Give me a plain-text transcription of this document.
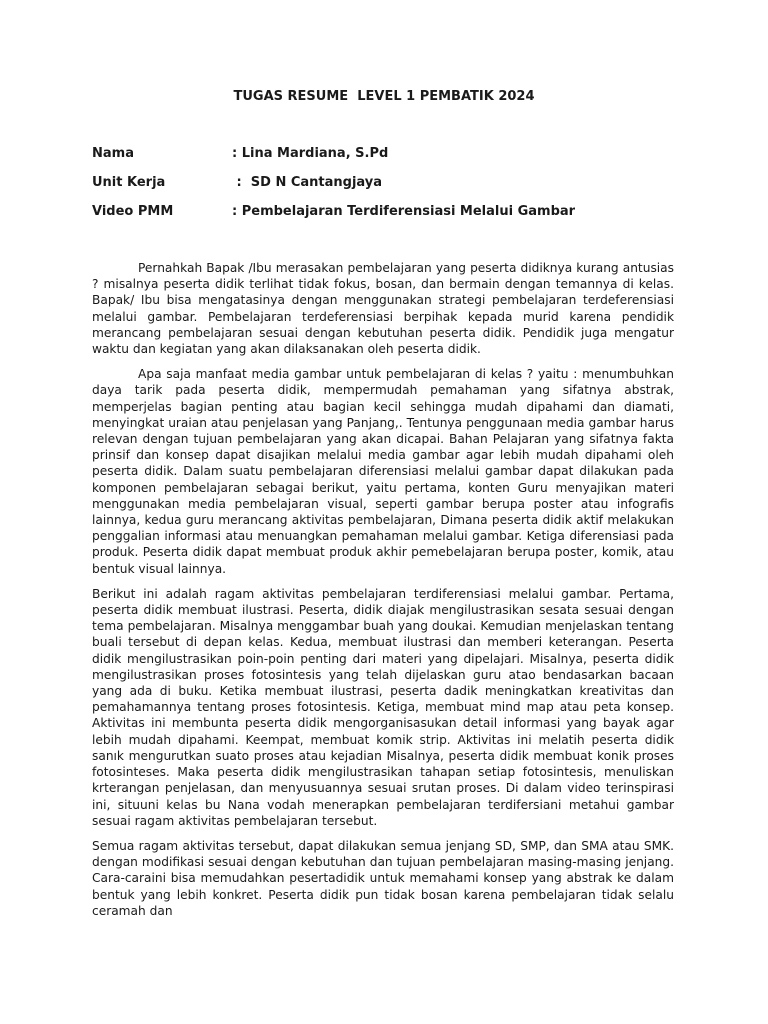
TUGAS RESUME  LEVEL 1 PEMBATIK 2024
Nama	: Lina Mardiana, S.Pd
Unit Kerja	:  SD N Cantangjaya
Video PMM	: Pembelajaran Terdiferensiasi Melalui Gambar

Pernahkah Bapak /Ibu merasakan pembelajaran yang peserta didiknya kurang antusias ? misalnya peserta didik terlihat tidak fokus, bosan, dan bermain dengan temannya di kelas. Bapak/ Ibu bisa mengatasinya dengan menggunakan strategi pembelajaran terdeferensiasi melalui gambar. Pembelajaran terdeferensiasi berpihak kepada murid karena pendidik merancang pembelajaran sesuai dengan kebutuhan peserta didik. Pendidik juga mengatur waktu dan kegiatan yang akan dilaksanakan oleh peserta didik.

Apa saja manfaat media gambar untuk pembelajaran di kelas ? yaitu : menumbuhkan daya tarik pada peserta didik, mempermudah pemahaman yang sifatnya abstrak, memperjelas bagian penting atau bagian kecil sehingga mudah dipahami dan diamati, menyingkat uraian atau penjelasan yang Panjang,. Tentunya penggunaan media gambar harus relevan dengan tujuan pembelajaran yang akan dicapai. Bahan Pelajaran yang sifatnya fakta prinsif dan konsep dapat disajikan melalui media gambar agar lebih mudah dipahami oleh peserta didik. Dalam suatu pembelajaran diferensiasi melalui gambar dapat dilakukan pada komponen pembelajaran sebagai berikut, yaitu pertama, konten Guru menyajikan materi menggunakan media pembelajaran visual, seperti gambar berupa poster atau infografis lainnya, kedua guru merancang aktivitas pembelajaran, Dimana peserta didik aktif melakukan penggalian informasi atau menuangkan pemahaman melalui gambar. Ketiga diferensiasi pada produk. Peserta didik dapat membuat produk akhir pemebelajaran berupa poster, komik, atau bentuk visual lainnya.

Berikut ini adalah ragam aktivitas pembelajaran terdiferensiasi melalui gambar. Pertama, peserta didik membuat ilustrasi. Peserta, didik diajak mengilustrasikan sesata sesuai dengan tema pembelajaran. Misalnya menggambar buah yang doukai. Kemudian menjelaskan tentang buali tersebut di depan kelas. Kedua, membuat ilustrasi dan memberi keterangan. Peserta didik mengilustrasikan poin-poin penting dari materi yang dipelajari. Misalnya, peserta didik mengilustrasikan proses fotosintesis yang telah dijelaskan guru atao bendasarkan bacaan yang ada di buku. Ketika membuat ilustrasi, peserta dadik meningkatkan kreativitas dan pemahamannya tentang proses fotosintesis. Ketiga, membuat mind map atau peta konsep. Aktivitas ini membunta peserta didik mengorganisasukan detail informasi yang bayak agar lebih mudah dipahami. Keempat, membuat komik strip. Aktivitas ini melatih peserta didik sanık mengurutkan suato proses atau kejadian Misalnya, peserta didik membuat konik proses fotosinteses. Maka peserta didik mengilustrasikan tahapan setiap fotosintesis, menuliskan krterangan penjelasan, dan menyusuannya sesuai srutan proses. Di dalam video terinspirasi ini, situuni kelas bu Nana vodah menerapkan pembelajaran terdifersiani metahui gambar sesuai ragam aktivitas pembelajaran tersebut.

Semua ragam aktivitas tersebut, dapat dilakukan semua jenjang SD, SMP, dan SMA atau SMK. dengan modifikasi sesuai dengan kebutuhan dan tujuan pembelajaran masing-masing jenjang. Cara-caraini bisa memudahkan pesertadidik untuk memahami konsep yang abstrak ke dalam bentuk yang lebih konkret. Peserta didik pun tidak bosan karena pembelajaran tidak selalu ceramah dan
